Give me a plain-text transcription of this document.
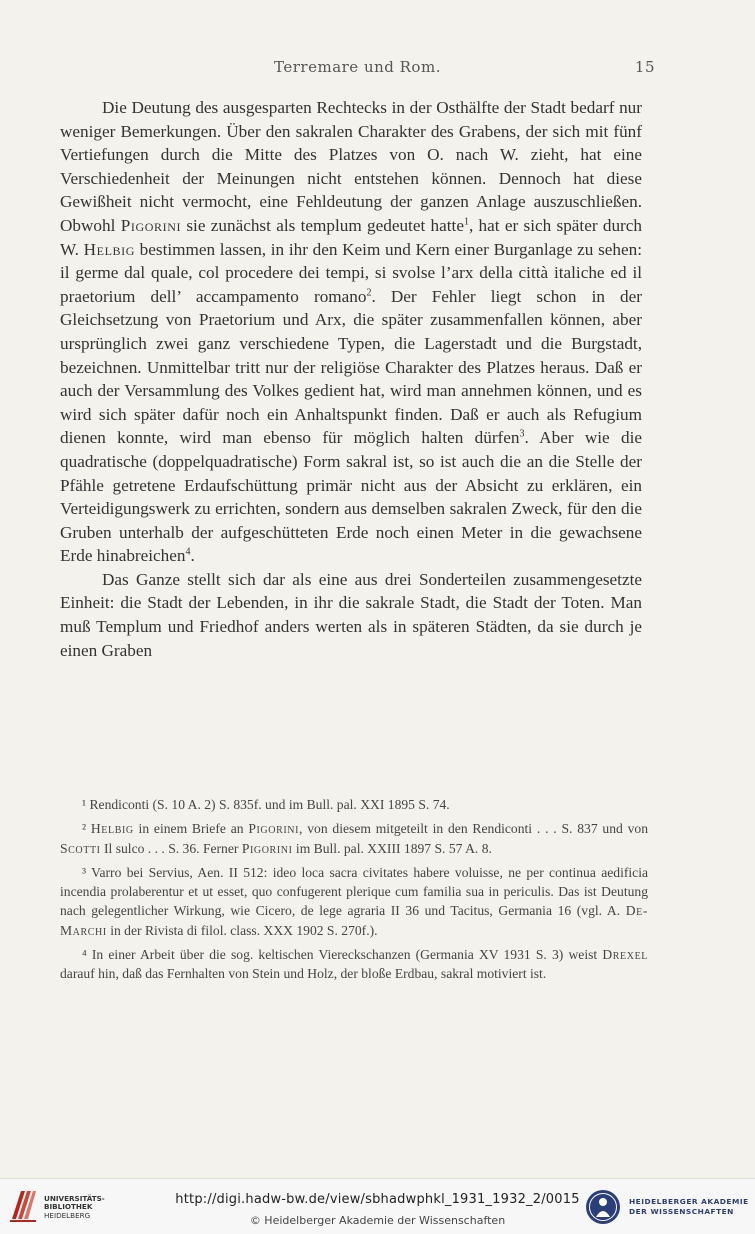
Terremare und Rom.	15

Die Deutung des ausgesparten Rechtecks in der Osthälfte der Stadt bedarf nur weniger Bemerkungen. Über den sakralen Charakter des Grabens, der sich mit fünf Vertiefungen durch die Mitte des Platzes von O. nach W. zieht, hat eine Verschiedenheit der Meinungen nicht entstehen können. Dennoch hat diese Gewißheit nicht vermocht, eine Fehldeutung der ganzen Anlage auszuschließen. Obwohl Pigorini sie zunächst als templum gedeutet hatte$^1$, hat er sich später durch W. Helbig bestimmen lassen, in ihr den Keim und Kern einer Burganlage zu sehen: il germe dal quale, col procedere dei tempi, si svolse l’arx della città italiche ed il praetorium dell’ accampamento romano$^2$. Der Fehler liegt schon in der Gleichsetzung von Praetorium und Arx, die später zusammenfallen können, aber ursprünglich zwei ganz verschiedene Typen, die Lagerstadt und die Burgstadt, bezeichnen. Unmittelbar tritt nur der religiöse Charakter des Platzes heraus. Daß er auch der Versammlung des Volkes gedient hat, wird man annehmen können, und es wird sich später dafür noch ein Anhaltspunkt finden. Daß er auch als Refugium dienen konnte, wird man ebenso für möglich halten dürfen$^3$. Aber wie die quadratische (doppelquadratische) Form sakral ist, so ist auch die an die Stelle der Pfähle getretene Erdaufschüttung primär nicht aus der Absicht zu erklären, ein Verteidigungswerk zu errichten, sondern aus demselben sakralen Zweck, für den die Gruben unterhalb der aufgeschütteten Erde noch einen Meter in die gewachsene Erde hinabreichen$^4$.

Das Ganze stellt sich dar als eine aus drei Sonderteilen zusammengesetzte Einheit: die Stadt der Lebenden, in ihr die sakrale Stadt, die Stadt der Toten. Man muß Templum und Friedhof anders werten als in späteren Städten, da sie durch je einen Graben

¹ Rendiconti (S. 10 A. 2) S. 835f. und im Bull. pal. XXI 1895 S. 74.

² Helbig in einem Briefe an Pigorini, von diesem mitgeteilt in den Rendiconti . . . S. 837 und von Scotti Il sulco . . . S. 36. Ferner Pigorini im Bull. pal. XXIII 1897 S. 57 A. 8.

³ Varro bei Servius, Aen. II 512: ideo loca sacra civitates habere voluisse, ne per continua aedificia incendia prolaberentur et ut esset, quo confugerent plerique cum familia sua in periculis. Das ist Deutung nach gelegentlicher Wirkung, wie Cicero, de lege agraria II 36 und Tacitus, Germania 16 (vgl. A. De-Marchi in der Rivista di filol. class. XXX 1902 S. 270f.).

⁴ In einer Arbeit über die sog. keltischen Viereckschanzen (Germania XV 1931 S. 3) weist Drexel darauf hin, daß das Fernhalten von Stein und Holz, der bloße Erdbau, sakral motiviert ist.

UNIVERSITÄTS-
BIBLIOTHEK
HEIDELBERG
http://digi.hadw-bw.de/view/sbhadwphkl_1931_1932_2/0015
© Heidelberger Akademie der Wissenschaften
HEIDELBERGER AKADEMIE
DER WISSENSCHAFTEN
